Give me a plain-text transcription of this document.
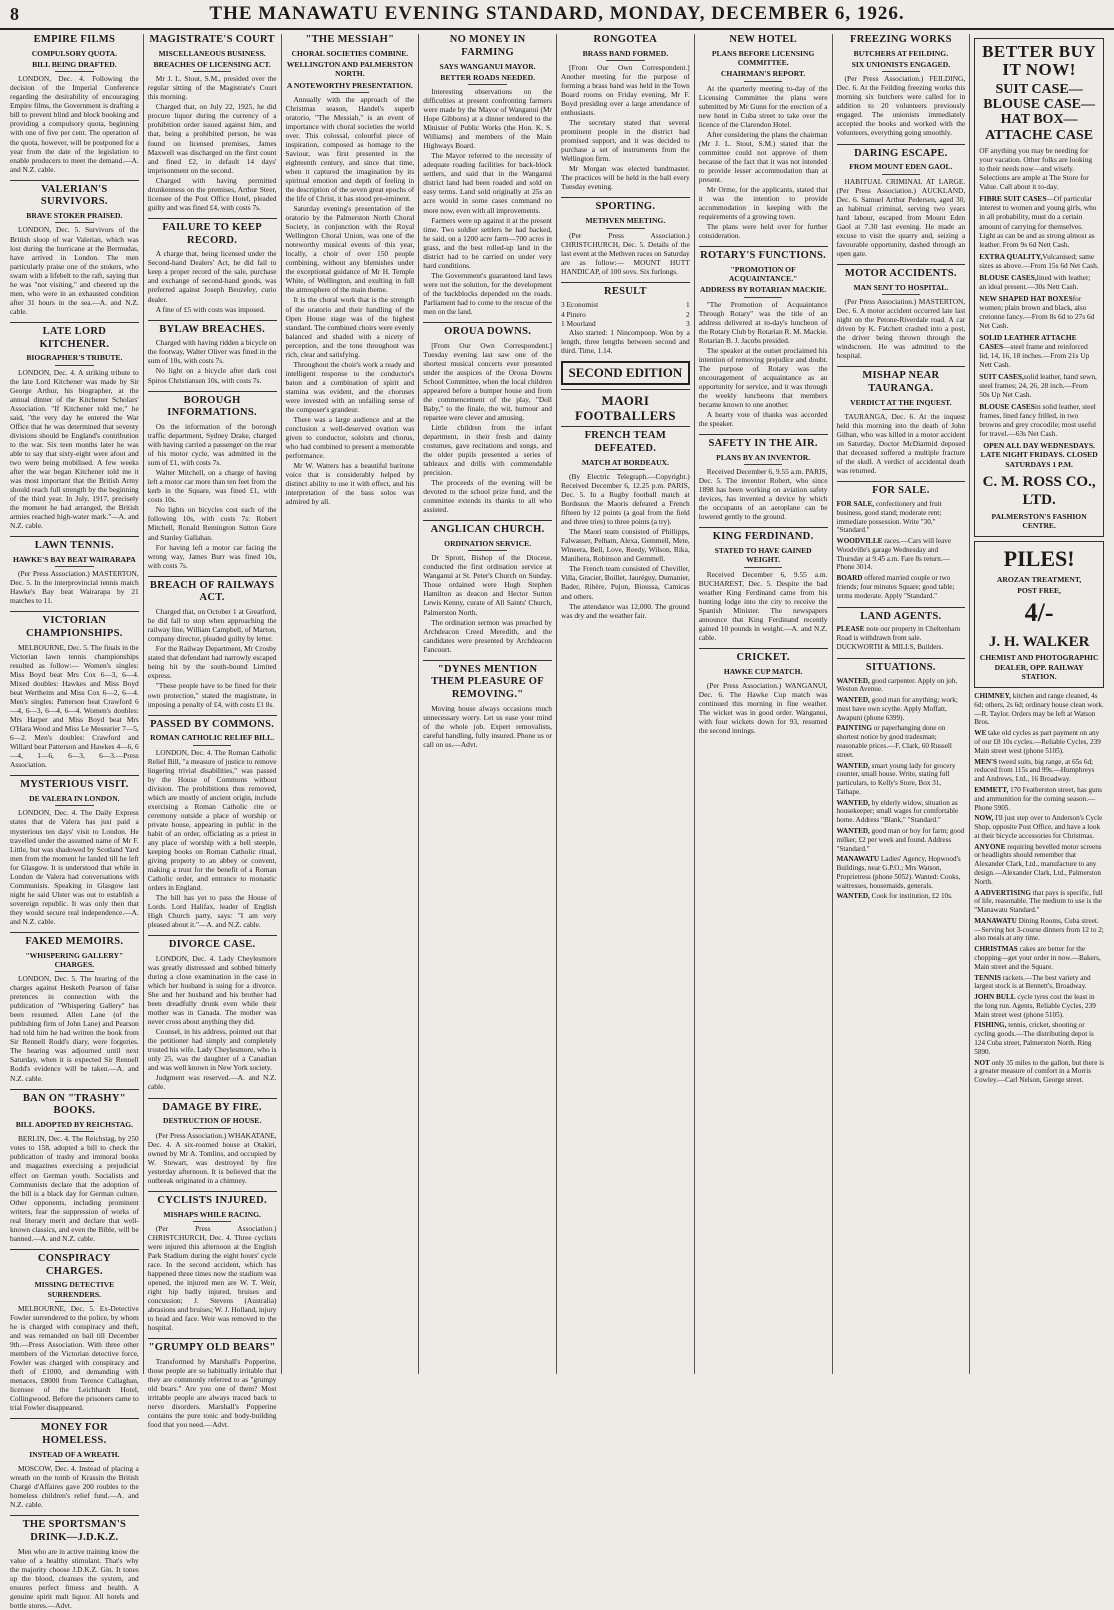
8	THE MANAWATU EVENING STANDARD, MONDAY, DECEMBER 6, 1926.
EMPIRE FILMS
COMPULSORY QUOTA.
BILL BEING DRAFTED.

LONDON, Dec. 4. Following the decision of the Imperial Conference regarding the desirability of encouraging Empire films, the Government is drafting a bill to prevent blind and block booking and providing a compulsory quota, beginning with one of five per cent. The operation of the quota, however, will be postponed for a year from the date of the legislation to enable producers to meet the demand.—A. and N.Z. cable.

VALERIAN'S SURVIVORS.
BRAVE STOKER PRAISED.

LONDON, Dec. 5. Survivors of the British sloop of war Valerian, which was lost during the hurricane at the Bermudas, have arrived in London. The men particularly praise one of the stokers, who swam with a lifebelt to the raft, saying that he was "not visiting," and cheered up the men, who were in an exhausted condition after 31 hours in the sea.—A. and N.Z. cable.

LATE LORD KITCHENER.
BIOGRAPHER'S TRIBUTE.

LONDON, Dec. 4. A striking tribute to the late Lord Kitchener was made by Sir George Arthur, his biographer, at the annual dinner of the Kitchener Scholars' Association. "If Kitchener told me," he said, "the very day he entered the War Office that he was determined that seventy divisions should be England's contribution to the war. Six teen months later he was able to say that sixty-eight were afoot and two were being mobilised. A few weeks after the war began Kitchener told me it was most important that the British Army should reach full strength by the beginning of the third year. In July, 1917, precisely the moment he had arranged, the British armies reached high-water mark."—A. and N.Z. cable.

LAWN TENNIS.
HAWKE'S BAY BEAT WAIRARAPA

(Per Press Association.) MASTERTON, Dec. 5. In the interprovincial tennis match Hawke's Bay beat Wairarapa by 21 matches to 11.

VICTORIAN CHAMPIONSHIPS.

MELBOURNE, Dec. 5. The finals in the Victorian lawn tennis championships resulted as follow:— Women's singles: Miss Boyd beat Mrs Cox 6—3, 6—4. Mixed doubles: Hawkes and Miss Boyd beat Wertheim and Miss Cox 6—2, 6—4. Men's singles: Patterson beat Crawford 6—4, 6—3, 6—4, 6—4. Women's doubles: Mrs Harper and Miss Boyd beat Mrs O'Hara Wood and Miss Le Messurier 7—5, 6—2. Men's doubles: Crawford and Willard beat Patterson and Hawkes 4—6, 6—4, 1—6, 6—3, 6—3.—Press Association.

MYSTERIOUS VISIT.
DE VALERA IN LONDON.

LONDON, Dec. 4. The Daily Express states that de Valera has just paid a mysterious ten days' visit to London. He travelled under the assumed name of Mr F. Little, but was shadowed by Scotland Yard men from the moment he landed till he left for Glasgow. It is understood that while in London de Valera had conversations with Communists. Speaking in Glasgow last night he said Ulster was out to establish a sovereign republic. It was only then that they would secure real independence.—A. and N.Z. cable.

FAKED MEMOIRS.
"WHISPERING GALLERY" CHARGES.

LONDON, Dec. 5. The hearing of the charges against Hesketh Pearson of false pretences in connection with the publication of "Whispering Gallery" has been resumed. Allen Lane (of the publishing firm of John Lane) and Pearson had told him he had written the book from Sir Rennell Rodd's diary, were forgeries. The hearing was adjourned until next Saturday, when it is expected Sir Rennell Rodd's evidence will be taken.—A. and N.Z. cable.

BAN ON "TRASHY" BOOKS.
BILL ADOPTED BY REICHSTAG.

BERLIN, Dec. 4. The Reichstag, by 250 votes to 158, adopted a bill to check the publication of trashy and immoral books and magazines exercising a prejudicial effect on German youth. Socialists and Communists declare that the adoption of the bill is a black day for German culture. Other opponents, including prominent writers, fear the suppression of works of real literary merit and declare that well-known classics, and even the Bible, will be banned.—A. and N.Z. cable.

CONSPIRACY CHARGES.
MISSING DETECTIVE SURRENDERS.

MELBOURNE, Dec. 5. Ex-Detective Fowler surrendered to the police, by whom he is charged with conspiracy and theft, and was remanded on bail till December 9th.—Press Association. With three other members of the Victorian detective force, Fowler was charged with conspiracy and theft of £1000, and demanding with menaces, £8000 from Terence Callaghan, licensee of the Leichhardt Hotel, Collingwood. Before the prisoners came to trial Fowler disappeared.

MONEY FOR HOMELESS.
INSTEAD OF A WREATH.

MOSCOW, Dec. 4. Instead of placing a wreath on the tomb of Krassin the British Chargé d'Affaires gave 200 roubles to the homeless children's relief fund.—A. and N.Z. cable.

THE SPORTSMAN'S DRINK—J.D.K.Z.

Men who are in active training know the value of a healthy stimulant. That's why the majority choose J.D.K.Z. Gin. It tones up the blood, cleanses the system, and ensures perfect fitness and health. A genuine spirit malt liquor. All hotels and bottle stores.—Advt.

MAGISTRATE'S COURT
MISCELLANEOUS BUSINESS.
BREACHES OF LICENSING ACT.

Mr J. L. Stout, S.M., presided over the regular sitting of the Magistrate's Court this morning.

Charged that, on July 22, 1925, he did procure liquor during the currency of a prohibition order issued against him, and that, being a prohibited person, he was found on licensed premises, James Maxwell was discharged on the first count and fined £2, in default 14 days' imprisonment on the second.

Charged with having permitted drunkenness on the premises, Arthur Steer, licensee of the Post Office Hotel, pleaded guilty and was fined £4, with costs 7s.

FAILURE TO KEEP RECORD.

A charge that, being licensed under the Second-hand Dealers' Act, he did fail to keep a proper record of the sale, purchase and exchange of second-hand goods, was preferred against Joseph Beuzeley, curio dealer.

A fine of £5 with costs was imposed.

BYLAW BREACHES.

Charged with having ridden a bicycle on the footway, Walter Oliver was fined in the sum of 10s, with costs 7s.

No light on a bicycle after dark cost Spiros Christiansen 10s, with costs 7s.

BOROUGH INFORMATIONS.

On the information of the borough traffic department, Sydney Drake, charged with having carried a passenger on the rear of his motor cycle, was admitted in the sum of £1, with costs 7s.

Walter Mitchell, on a charge of having left a motor car more than ten feet from the kerb in the Square, was fined £1, with costs 10s.

No lights on bicycles cost each of the following 10s, with costs 7s: Robert Mitchell, Ronald Remington Sutton Gore and Stanley Gallahan.

For having left a motor car facing the wrong way, James Burr was fined 10s, with costs 7s.

BREACH OF RAILWAYS ACT.

Charged that, on October 1 at Greatford, he did fail to stop when approaching the railway line, William Campbell, of Marton, company director, pleaded guilty by letter.

For the Railway Department, Mr Crosby stated that defendant had narrowly escaped being hit by the south-bound Limited express.

"These people have to be fined for their own protection," stated the magistrate, in imposing a penalty of £4, with costs £1 8s.

PASSED BY COMMONS.
ROMAN CATHOLIC RELIEF BILL.

LONDON, Dec. 4. The Roman Catholic Relief Bill, "a measure of justice to remove lingering trivial disabilities," was passed by the House of Commons without division. The prohibitions thus removed, which are mostly of ancient origin, include exercising a Roman Catholic rite or ceremony outside a place of worship or private house, appearing in public in the habit of an order, officiating as a priest in any place of worship with a bell steeple, keeping books on Roman Catholic ritual, giving property to an abbey or convent, making a trust for the benefit of a Roman Catholic order, and entrance to monastic orders in England.

The bill has yet to pass the House of Lords. Lord Halifax, leader of English High Church party, says: "I am very pleased about it."—A. and N.Z. cable.

DIVORCE CASE.

LONDON, Dec. 4. Lady Cheylesmore was greatly distressed and sobbed bitterly during a close examination in the case in which her husband is suing for a divorce. She and her husband and his brother had been dreadfully drunk even while their mother was in Canada. The mother was never cross about anything they did.

Counsel, in his address, pointed out that the petitioner had simply and completely trusted his wife. Lady Cheylesmore, who is only 25, was the daughter of a Canadian and was well known in New York society.

Judgment was reserved.—A. and N.Z. cable.

DAMAGE BY FIRE.
DESTRUCTION OF HOUSE.

(Per Press Association.) WHAKATANE, Dec. 4. A six-roomed house at Otakiri, owned by Mr A. Tomlins, and occupied by W. Stewart, was destroyed by fire yesterday afternoon. It is believed that the outbreak originated in a chimney.

CYCLISTS INJURED.
MISHAPS WHILE RACING.

(Per Press Association.) CHRISTCHURCH, Dec. 4. Three cyclists were injured this afternoon at the English Park Stadium during the eight hours' cycle race. In the second accident, which has happened three times now the stadium was opened, the injured men are W. T. Weir, right hip badly injured, bruises and concussion; J. Stevens (Australia) abrasions and bruises; W. J. Holland, injury to head and face. Weir was removed to the hospital.

"GRUMPY OLD BEARS"

Transformed by Marshall's Popperine, those people are so habitually irritable that they are commonly referred to as "grumpy old bears." Are you one of them? Most irritable people are always traced back to nerve disorders. Marshall's Popperine contains the pure tonic and body-building food that you need.—Advt.

"THE MESSIAH"
CHORAL SOCIETIES COMBINE.
WELLINGTON AND PALMERSTON NORTH.
A NOTEWORTHY PRESENTATION.

Annually with the approach of the Christmas season, Handel's superb oratorio, "The Messiah," is an event of importance with choral societies the world over. This colossal, colourful piece of inspiration, composed as homage to the Saviour, was first presented in the eighteenth century, and since that time, when it captured the imagination by its spiritual emotion and depth of feeling in the description of the seven great epochs of the life of Christ, it has stood pre-eminent.

Saturday evening's presentation of the oratorio by the Palmerston North Choral Society, in conjunction with the Royal Wellington Choral Union, was one of the noteworthy musical events of this year, locally, a choir of over 150 people combining, without any blemishes under the exceptional guidance of Mr H. Temple White, of Wellington, and exulting in full the atmosphere of the main theme.

It is the choral work that is the strength of the oratorio and their handling of the Open House stage was of the highest standard. The combined choirs were evenly balanced and shaded with a nicety of perception, and the tone throughout was rich, clear and satisfying.

Throughout the choir's work a ready and intelligent response to the conductor's baton and a combination of spirit and stamina was evident, and the choruses were invested with an unfailing sense of the composer's grandeur.

There was a large audience and at the conclusion a well-deserved ovation was given to conductor, soloists and chorus, who had combined to present a memorable performance.

Mr W. Watters has a beautiful baritone voice that is considerably helped by distinct ability to use it with effect, and his interpretation of the bass solos was admired by all.

NO MONEY IN FARMING
SAYS WANGANUI MAYOR.
BETTER ROADS NEEDED.

Interesting observations on the difficulties at present confronting farmers were made by the Mayor of Wanganui (Mr Hope Gibbons) at a dinner tendered to the Minister of Public Works (the Hon. K. S. Williams) and members of the Main Highways Board.

The Mayor referred to the necessity of adequate roading facilities for back-block settlers, and said that in the Wanganui district land had been roaded and sold on easy terms. Land sold originally at 25s an acre would in some cases command no more now, even with all improvements.

Farmers were up against it at the present time. Two soldier settlers he had backed, he said, on a 1200 acre farm—700 acres in grass, and the best rolled-up land in the district had to be carried on under very hard conditions.

The Government's guaranteed land laws were not the solution, for the development of the backblocks depended on the roads. Parliament had to come to the rescue of the men on the land.

OROUA DOWNS.

[From Our Own Correspondent.] Tuesday evening last saw one of the shortest musical concerts ever presented under the auspices of the Oroua Downs School Committee, when the local children appeared before a bumper house and from the commencement of the play, "Doll Baby," to the finale, the wit, humour and repartee were clever and amusing.

Little children from the infant department, in their fresh and dainty costumes, gave recitations and songs, and the older pupils presented a series of tableaux and drills with commendable precision.

The proceeds of the evening will be devoted to the school prize fund, and the committee extends its thanks to all who assisted.

ANGLICAN CHURCH.
ORDINATION SERVICE.

Dr Sprott, Bishop of the Diocese, conducted the first ordination service at Wanganui at St. Peter's Church on Sunday. Those ordained were Hugh Stephen Hamilton as deacon and Hector Sutton Lewis Kenny, curate of All Saints' Church, Palmerston North.

The ordination sermon was preached by Archdeacon Creed Meredith, and the candidates were presented by Archdeacon Fancourt.

"DYNES MENTION THEM PLEASURE OF REMOVING."

Moving house always occasions much unnecessary worry. Let us ease your mind of the whole job. Expert removalists, careful handling, fully insured. Phone us or call on us.—Advt.

RONGOTEA
BRASS BAND FORMED.

[From Our Own Correspondent.] Another meeting for the purpose of forming a brass band was held in the Town Board rooms on Friday evening, Mr F. Boyd presiding over a large attendance of enthusiasts.

The secretary stated that several prominent people in the district had promised support, and it was decided to purchase a set of instruments from the Wellington firm.

Mr Morgan was elected bandmaster. The practices will be held in the hall every Tuesday evening.

SPORTING.
METHVEN MEETING.

(Per Press Association.) CHRISTCHURCH, Dec. 5. Details of the last event at the Methven races on Saturday are as follow:— MOUNT HUTT HANDICAP, of 100 sovs. Six furlongs.

RESULT
3 Economist	1
4 Pinero	2
1 Moorland	3

Also started: 1 Nincompoop. Won by a length, three lengths between second and third. Time, 1.14.

SECOND EDITION
MAORI FOOTBALLERS
FRENCH TEAM DEFEATED.
MATCH AT BORDEAUX.

(By Electric Telegraph.—Copyright.) Received December 6, 12.25 p.m. PARIS, Dec. 5. In a Rugby football match at Bordeaux the Maoris defeated a French fifteen by 12 points (a goal from the field and three tries) to three points (a try).

The Maori team consisted of Phillipps, Falwasser, Pelham, Alexa, Gemmell, Mete, Wineera, Bell, Love, Reedy, Wilson, Rika, Manihera, Robinson and Gemmell.

The French team consisted of Cheviller, Villa, Gracier, Boillet, Jauréguy, Dumanier, Bader, Ribère, Pujon, Bioussa, Camicas and others.

The attendance was 12,000. The ground was dry and the weather fair.

NEW HOTEL
PLANS BEFORE LICENSING COMMITTEE.
CHAIRMAN'S REPORT.

At the quarterly meeting to-day of the Licensing Committee the plans were submitted by Mr Gunn for the erection of a new hotel in Cuba street to take over the licence of the Clarendon Hotel.

After considering the plans the chairman (Mr J. L. Stout, S.M.) stated that the committee could not approve of them because of the fact that it was not intended to provide lesser accommodation than at present.

Mr Orme, for the applicants, stated that it was the intention to provide accommodation in keeping with the requirements of a growing town.

The plans were held over for further consideration.

ROTARY'S FUNCTIONS.
"PROMOTION OF ACQUAINTANCE."
ADDRESS BY ROTARIAN MACKIE.

"The Promotion of Acquaintance Through Rotary" was the title of an address delivered at to-day's luncheon of the Rotary Club by Rotarian R. M. Mackie. Rotarian B. J. Jacobs presided.

The speaker at the outset proclaimed his intention of removing prejudice and doubt. The purpose of Rotary was the encouragement of acquaintance as an opportunity for service, and it was through the weekly luncheons that members became known to one another.

A hearty vote of thanks was accorded the speaker.

SAFETY IN THE AIR.
PLANS BY AN INVENTOR.

Received December 6, 9.55 a.m. PARIS, Dec. 5. The inventor Robert, who since 1898 has been working on aviation safety devices, has invented a device by which the occupants of an aeroplane can be lowered gently to the ground.

KING FERDINAND.
STATED TO HAVE GAINED WEIGHT.

Received December 6, 9.55 a.m. BUCHAREST, Dec. 5. Despite the bad weather King Ferdinand came from his hunting lodge into the city to receive the Spanish Minister. The newspapers announce that King Ferdinand recently gained 10 pounds in weight.—A. and N.Z. cable.

CRICKET.
HAWKE CUP MATCH.

(Per Press Association.) WANGANUI, Dec. 6. The Hawke Cup match was continued this morning in fine weather. The wicket was in good order. Wanganui, with four wickets down for 93, resumed the second innings.

FREEZING WORKS
BUTCHERS AT FEILDING.
SIX UNIONISTS ENGAGED.

(Per Press Association.) FEILDING, Dec. 6. At the Feilding freezing works this morning six butchers were called for in addition to 20 volunteers previously engaged. The unionists immediately accepted the books and worked with the volunteers, everything going smoothly.

DARING ESCAPE.
FROM MOUNT EDEN GAOL.

HABITUAL CRIMINAL AT LARGE. (Per Press Association.) AUCKLAND, Dec. 6. Samuel Arthur Pedersen, aged 30, an habitual criminal, serving two years hard labour, escaped from Mount Eden Gaol at 7.30 last evening. He made an excuse to visit the quarry and, seizing a favourable opportunity, dashed through an open gate.

MOTOR ACCIDENTS.
MAN SENT TO HOSPITAL.

(Per Press Association.) MASTERTON, Dec. 6. A motor accident occurred late last night on the Petone-Riverdale road. A car driven by K. Fatchett crashed into a post, the driver being thrown through the windscreen. He was admitted to the hospital.

MISHAP NEAR TAURANGA.
VERDICT AT THE INQUEST.

TAURANGA, Dec. 6. At the inquest held this morning into the death of John Gilhan, who was killed in a motor accident on Saturday, Doctor McDiarmid deposed that deceased suffered a multiple fracture of the skull. A verdict of accidental death was returned.

FOR SALE.

FOR SALE, confectionery and fruit business, good stand; moderate rent; immediate possession. Write "30," "Standard."

WOODVILLE races.—Cars will leave Woodville's garage Wednesday and Thursday at 9.45 a.m. Fare 8s return.—Phone 3014.

BOARD offered married couple or two friends; four minutes Square; good table; terms moderate. Apply "Standard."

LAND AGENTS.

PLEASE note our property in Cheltenham Road is withdrawn from sale. DUCKWORTH & MILLS, Builders.

SITUATIONS.

WANTED, good carpenter. Apply on job, Weston Avenue.

WANTED, good man for anything; work; must have own scythe. Apply Moffatt, Awapuni (phone 6399).

PAINTING or paperhanging done on shortest notice by good tradesman; reasonable prices.—F. Clark, 60 Russell street.

WANTED, smart young lady for grocery counter, small house. Write, stating full particulars, to Kelly's Store, Box 31, Taihape.

WANTED, by elderly widow, situation as housekeeper; small wages for comfortable home. Address "Blank," "Standard."

WANTED, good man or boy for farm; good milker, £2 per week and found. Address "Standard."

MANAWATU Ladies' Agency, Hopwood's Buildings, near G.P.O.; Mrs Watson, Proprietress (phone 5052). Wanted: Cooks, waitresses, housemaids, generals.

WANTED, Cook for institution, £2 10s.

BETTER BUY IT NOW!
SUIT CASE— BLOUSE CASE— HAT BOX— ATTACHE CASE

OF anything you may be needing for your vacation. Other folks are looking to their needs now—and wisely. Selections are ample at The Store for Value. Call about it to-day.

FIBRE SUIT CASES—Of particular interest to women and young girls, who in all probability, must do a certain amount of carrying for themselves. Light as can be and as strong almost as leather. From 9s 6d Nett Cash.

EXTRA QUALITY,Vulcanised; same sizes as above.—From 15s 6d Net Cash.

BLOUSE CASES,lined with leather; an ideal present.—30s Nett Cash.

NEW SHAPED HAT BOXESfor women; plain brown and black, also cretonne fancy.—From 8s 6d to 27s 6d Net Cash.

SOLID LEATHER ATTACHE CASES—steel frame and reinforced lid, 14, 16, 18 inches.—From 21s Up Nett Cash.

SUIT CASES,solid leather, hand sewn, steel frames; 24, 26, 28 inch.—From 50s Up Net Cash.

BLOUSE CASESin solid leather, steel frames, lined fancy frilled, in two browns and grey crocodile; most useful for travel.—63s Net Cash.

OPEN ALL DAY WEDNESDAYS. LATE NIGHT FRIDAYS. CLOSED SATURDAYS 1 P.M.

C. M. ROSS CO., LTD.
PALMERSTON'S FASHION CENTRE.
PILES!
AROZAN TREATMENT,
POST FREE,
4/-
J. H. WALKER
CHEMIST AND PHOTOGRAPHIC DEALER, OPP. RAILWAY STATION.

CHIMNEY, kitchen and range cleaned, 4s 6d; others, 2s 6d; ordinary house clean work.—R. Taylor. Orders may be left at Watson Bros.

WE take old cycles as part payment on any of our £8 10s cycles.—Reliable Cycles, 239 Main street west (phone 5105).

MEN'S tweed suits, big range, at 65s 6d; reduced from 115s and 99s.—Humphreys and Andrews, Ltd., 16 Broadway.

EMMETT, 170 Featherston street, has guns and ammunition for the coming season.—Phone 5905.

NOW, I'll just step over to Anderson's Cycle Shop, opposite Post Office, and have a look at their bicycle accessories for Christmas.

ANYONE requiring bevelled motor screens or headlights should remember that Alexander Clark, Ltd., manufacture to any design.—Alexander Clark, Ltd., Palmerston North.

A ADVERTISING that pays is specific, full of life, reasonable. The medium to use is the "Manawatu Standard."

MANAWATU Dining Rooms, Cuba street.—Serving hot 3-course dinners from 12 to 2; also meals at any time.

CHRISTMAS cakes are better for the chopping—get your order in now.—Bakers, Main street and the Square.

TENNIS rackets.—The best variety and largest stock is at Bennett's, Broadway.

JOHN BULL cycle tyres cost the least in the long run. Agents, Reliable Cycles, 239 Main street west (phone 5105).

FISHING, tennis, cricket, shooting or cycling goods.—The distributing depot is 124 Cuba street, Palmerston North. Ring 5890.

NOT only 35 miles to the gallon, but there is a greater measure of comfort in a Morris Cowley.—Carl Nelson, George street.
